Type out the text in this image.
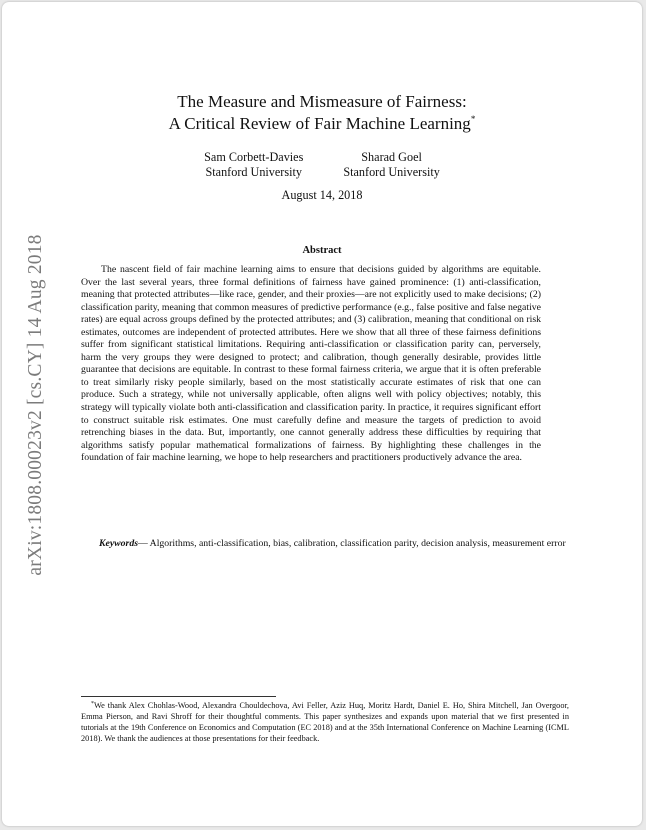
arXiv:1808.00023v2 [cs.CY] 14 Aug 2018
The Measure and Mismeasure of Fairness:
A Critical Review of Fair Machine Learning*
Sam Corbett-Davies
Stanford University
Sharad Goel
Stanford University
August 14, 2018
Abstract
The nascent field of fair machine learning aims to ensure that decisions guided by algorithms are equitable. Over the last several years, three formal definitions of fairness have gained prominence: (1) anti-classification, meaning that protected attributes—like race, gender, and their proxies—are not explicitly used to make decisions; (2) classification parity, meaning that common measures of predictive performance (e.g., false positive and false negative rates) are equal across groups defined by the protected attributes; and (3) calibration, meaning that conditional on risk estimates, outcomes are independent of protected attributes. Here we show that all three of these fairness definitions suffer from significant statistical limitations. Requiring anti-classification or classification parity can, perversely, harm the very groups they were designed to protect; and calibration, though generally desirable, provides little guarantee that decisions are equitable. In contrast to these formal fairness criteria, we argue that it is often preferable to treat similarly risky people similarly, based on the most statistically accurate estimates of risk that one can produce. Such a strategy, while not universally applicable, often aligns well with policy objectives; notably, this strategy will typically violate both anti-classification and classification parity. In practice, it requires significant effort to construct suitable risk estimates. One must carefully define and measure the targets of prediction to avoid retrenching biases in the data. But, importantly, one cannot generally address these difficulties by requiring that algorithms satisfy popular mathematical formalizations of fairness. By highlighting these challenges in the foundation of fair machine learning, we hope to help researchers and practitioners productively advance the area.
Keywords— Algorithms, anti-classification, bias, calibration, classification parity, decision analysis, measurement error
*We thank Alex Chohlas-Wood, Alexandra Chouldechova, Avi Feller, Aziz Huq, Moritz Hardt, Daniel E. Ho, Shira Mitchell, Jan Overgoor, Emma Pierson, and Ravi Shroff for their thoughtful comments. This paper synthesizes and expands upon material that we first presented in tutorials at the 19th Conference on Economics and Computation (EC 2018) and at the 35th International Conference on Machine Learning (ICML 2018). We thank the audiences at those presentations for their feedback.
